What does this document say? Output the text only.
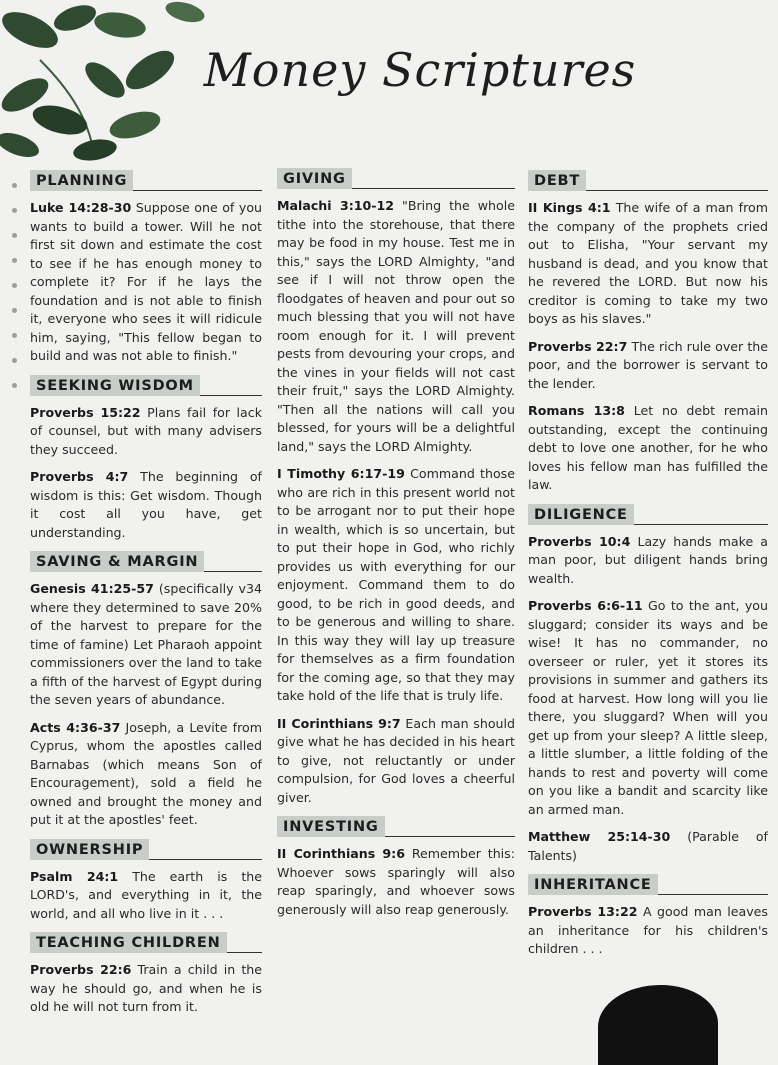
Money Scriptures
PLANNING

Luke 14:28-30 Suppose one of you wants to build a tower. Will he not first sit down and estimate the cost to see if he has enough money to complete it? For if he lays the foundation and is not able to finish it, everyone who sees it will ridicule him, saying, "This fellow began to build and was not able to finish."

SEEKING WISDOM

Proverbs 15:22 Plans fail for lack of counsel, but with many advisers they succeed.

Proverbs 4:7 The beginning of wisdom is this: Get wisdom. Though it cost all you have, get understanding.

SAVING & MARGIN

Genesis 41:25-57 (specifically v34 where they determined to save 20% of the harvest to prepare for the time of famine) Let Pharaoh appoint commissioners over the land to take a fifth of the harvest of Egypt during the seven years of abundance.

Acts 4:36-37 Joseph, a Levite from Cyprus, whom the apostles called Barnabas (which means Son of Encouragement), sold a field he owned and brought the money and put it at the apostles' feet.

OWNERSHIP

Psalm 24:1 The earth is the LORD's, and everything in it, the world, and all who live in it . . .

TEACHING CHILDREN

Proverbs 22:6 Train a child in the way he should go, and when he is old he will not turn from it.

GIVING

Malachi 3:10-12 "Bring the whole tithe into the storehouse, that there may be food in my house. Test me in this," says the LORD Almighty, "and see if I will not throw open the floodgates of heaven and pour out so much blessing that you will not have room enough for it. I will prevent pests from devouring your crops, and the vines in your fields will not cast their fruit," says the LORD Almighty. "Then all the nations will call you blessed, for yours will be a delightful land," says the LORD Almighty.

I Timothy 6:17-19 Command those who are rich in this present world not to be arrogant nor to put their hope in wealth, which is so uncertain, but to put their hope in God, who richly provides us with everything for our enjoyment. Command them to do good, to be rich in good deeds, and to be generous and willing to share. In this way they will lay up treasure for themselves as a firm foundation for the coming age, so that they may take hold of the life that is truly life.

II Corinthians 9:7 Each man should give what he has decided in his heart to give, not reluctantly or under compulsion, for God loves a cheerful giver.

INVESTING

II Corinthians 9:6 Remember this: Whoever sows sparingly will also reap sparingly, and whoever sows generously will also reap generously.

DEBT

II Kings 4:1 The wife of a man from the company of the prophets cried out to Elisha, "Your servant my husband is dead, and you know that he revered the LORD. But now his creditor is coming to take my two boys as his slaves."

Proverbs 22:7 The rich rule over the poor, and the borrower is servant to the lender.

Romans 13:8 Let no debt remain outstanding, except the continuing debt to love one another, for he who loves his fellow man has fulfilled the law.

DILIGENCE

Proverbs 10:4 Lazy hands make a man poor, but diligent hands bring wealth.

Proverbs 6:6-11 Go to the ant, you sluggard; consider its ways and be wise! It has no commander, no overseer or ruler, yet it stores its provisions in summer and gathers its food at harvest. How long will you lie there, you sluggard? When will you get up from your sleep? A little sleep, a little slumber, a little folding of the hands to rest and poverty will come on you like a bandit and scarcity like an armed man.

Matthew 25:14-30 (Parable of Talents)

INHERITANCE

Proverbs 13:22 A good man leaves an inheritance for his children's children . . .
